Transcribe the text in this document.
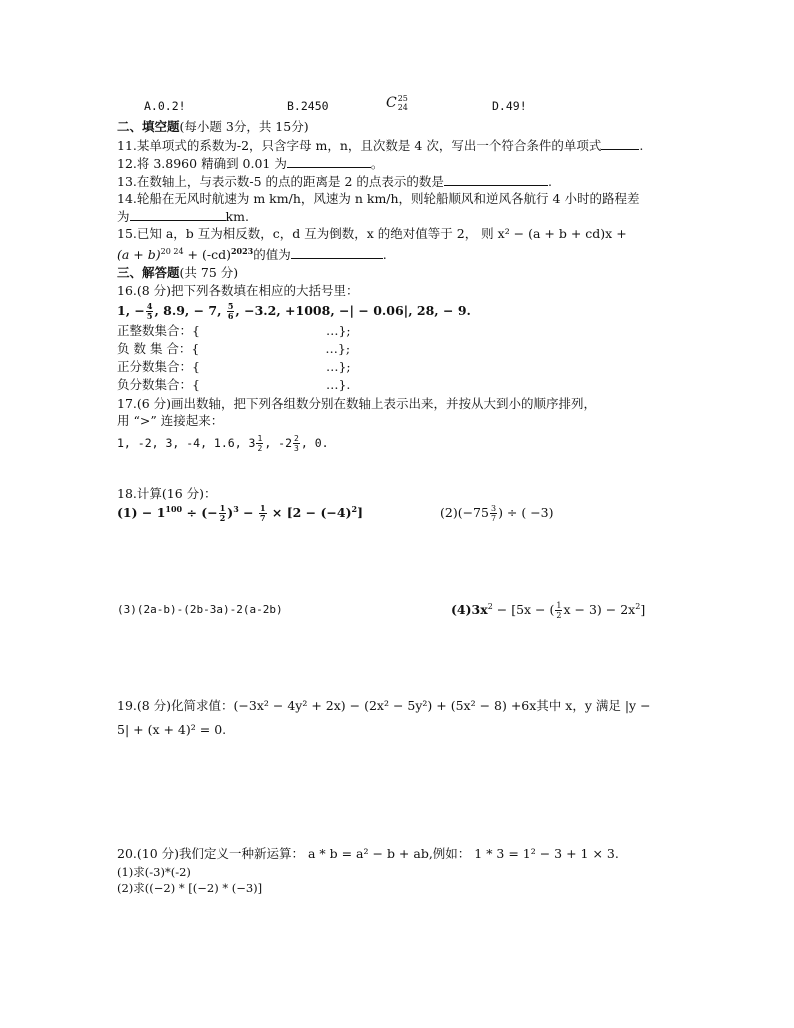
A.0.2!	B.2450	C 25
24	D.49!
二、填空题(每小题 3分，共 15分)
11.某单项式的系数为-2，只含字母 m，n，且次数是 4 次，写出一个符合条件的单项式	.
12.将 3.8960 精确到 0.01 为	。
13.在数轴上，与表示数-5 的点的距离是 2 的点表示的数是	.
14.轮船在无风时航速为 m km/h，风速为 n km/h，则轮船顺风和逆风各航行 4 小时的路程差
为	km.
15.已知 a，b 互为相反数，c，d 互为倒数，x 的绝对值等于 2， 则 x² − (a + b + cd)x +
$(a + b)^{20 24} + (-cd)^{2023}$的值为	.
三、解答题(共 75 分)
16.(8 分)把下列各数填在相应的大括号里：
1, − $\frac{4}{5}$ , 8.9, − 7, $\frac{5}{6}$ , −3.2, +1008, −| − 0.06|, 28, − 9.
正整数集合：{	…};
负 数 集 合：{	…};
正分数集合：{	…};
负分数集合：{	…}.
17.(6 分)画出数轴，把下列各组数分别在数轴上表示出来，并按从大到小的顺序排列，
用 “>” 连接起来：
1, -2, 3, -4, 1.6, $3 \frac{1}{2}$ , $-2 \frac{2}{3}$ , 0.
18.计算(16 分)：
$(1) - 1^{100}$ ÷ (− $\frac{1}{2} )^3 - \frac{1}{7} \times [2 - (-4)^2]$	$(2)(-75 \frac{3}{7}$ ) ÷ ( −3)
(3)(2a-b)-(2b-3a)-2(a-2b)	$(4)3x^2 - [5x$ − ( $\frac{1}{2}$ $x - 3) - 2x^2$]
19.(8 分)化简求值：(−3x² − 4y² + 2x) − (2x² − 5y²) + (5x² − 8) +6x其中 x，y 满足 |y −
5| + (x + 4)² = 0.
20.(10 分)我们定义一种新运算： a * b = a² − b + ab,例如： 1 * 3 = 1² − 3 + 1 × 3.
(1)求(-3)*(-2)
(2)求((−2) * [(−2) * (−3)]
